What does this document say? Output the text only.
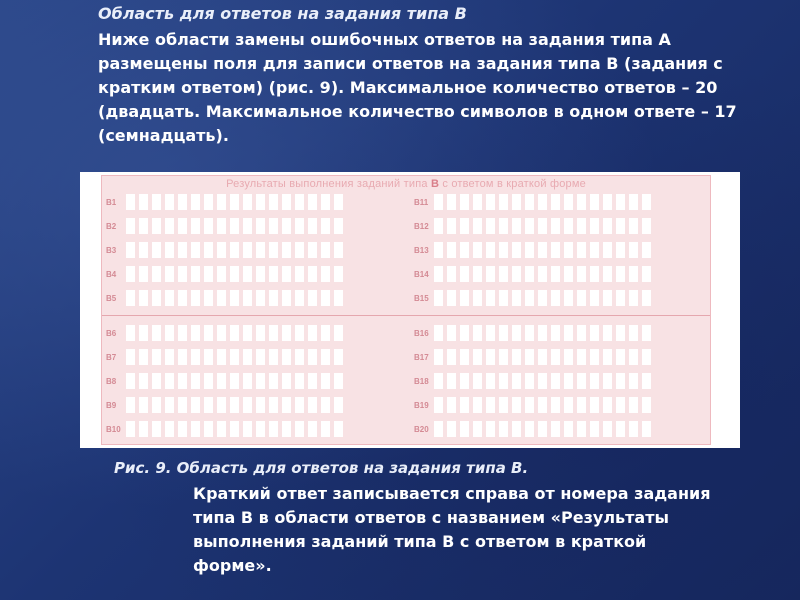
Область для ответов на задания типа В
Ниже области замены ошибочных ответов на задания типа А размещены поля для записи ответов на задания типа В (задания с кратким ответом) (рис. 9). Максимальное количество ответов – 20 (двадцать. Максимальное количество символов в одном ответе – 17 (семнадцать).
Результаты выполнения заданий типа В с ответом в краткой форме
В1
В2
В3
В4
В5
В6
В7
В8
В9
В10
В11
В12
В13
В14
В15
В16
В17
В18
В19
В20
Рис. 9. Область для ответов на задания типа В.
Краткий ответ записывается справа от номера задания типа В в области ответов с названием «Результаты выполнения заданий типа В с ответом в краткой форме».
